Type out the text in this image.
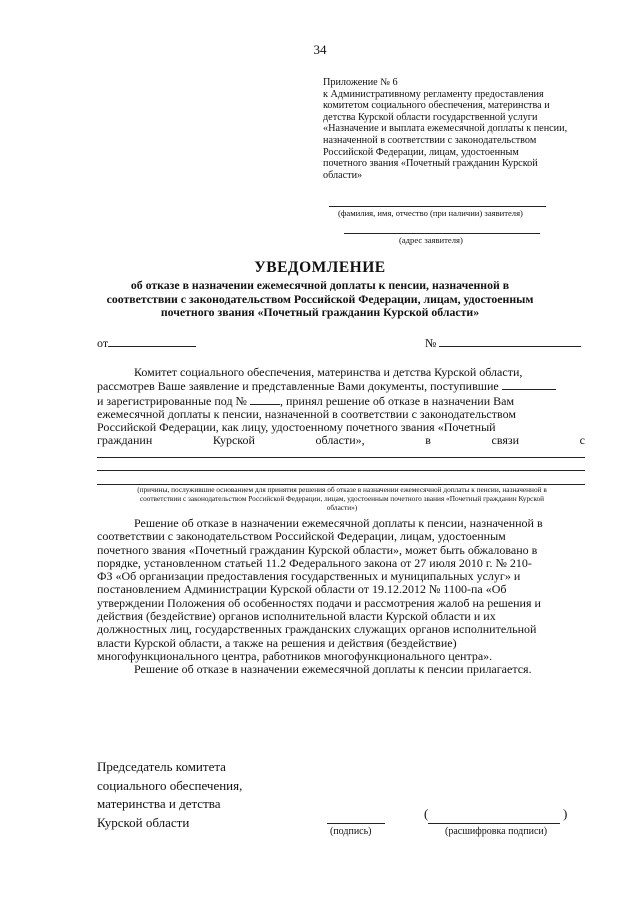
34
Приложение № 6
к Административному регламенту предоставления
комитетом социального обеспечения, материнства и
детства Курской области государственной услуги
«Назначение и выплата ежемесячной доплаты к пенсии,
назначенной в соответствии с законодательством
Российской Федерации, лицам, удостоенным
почетного звания «Почетный гражданин Курской
области»
(фамилия, имя, отчество (при наличии) заявителя)
(адрес заявителя)
УВЕДОМЛЕНИЕ
об отказе в назначении ежемесячной доплаты к пенсии, назначенной в
соответствии с законодательством Российской Федерации, лицам, удостоенным
почетного звания «Почетный гражданин Курской области»
от	№
Комитет социального обеспечения, материнства и детства Курской области,
рассмотрев Ваше заявление и представленные Вами документы, поступившие
и зарегистрированные под №	, принял решение об отказе в назначении Вам
ежемесячной доплаты к пенсии, назначенной в соответствии с законодательством
Российской Федерации, как лицу, удостоенному почетного звания «Почетный
гражданин	Курской	области»,	в	связи	с
(причины, послужившие основанием для принятия решения об отказе в назначении ежемесячной доплаты к пенсии, назначенной в
соответствии с законодательством Российской Федерации, лицам, удостоенным почетного звания «Почетный гражданин Курской
области»)
Решение об отказе в назначении ежемесячной доплаты к пенсии, назначенной в
соответствии с законодательством Российской Федерации, лицам, удостоенным
почетного звания «Почетный гражданин Курской области», может быть обжаловано в
порядке, установленном статьей 11.2 Федерального закона от 27 июля 2010 г. № 210-
ФЗ «Об организации предоставления государственных и муниципальных услуг» и
постановлением Администрации Курской области от 19.12.2012 № 1100-па «Об
утверждении Положения об особенностях подачи и рассмотрения жалоб на решения и
действия (бездействие) органов исполнительной власти Курской области и их
должностных лиц, государственных гражданских служащих органов исполнительной
власти Курской области, а также на решения и действия (бездействие)
многофункционального центра, работников многофункционального центра».
Решение об отказе в назначении ежемесячной доплаты к пенсии прилагается.
Председатель комитета
социального обеспечения,
материнства и детства
Курской области
(	)
(подпись)	(расшифровка подписи)
